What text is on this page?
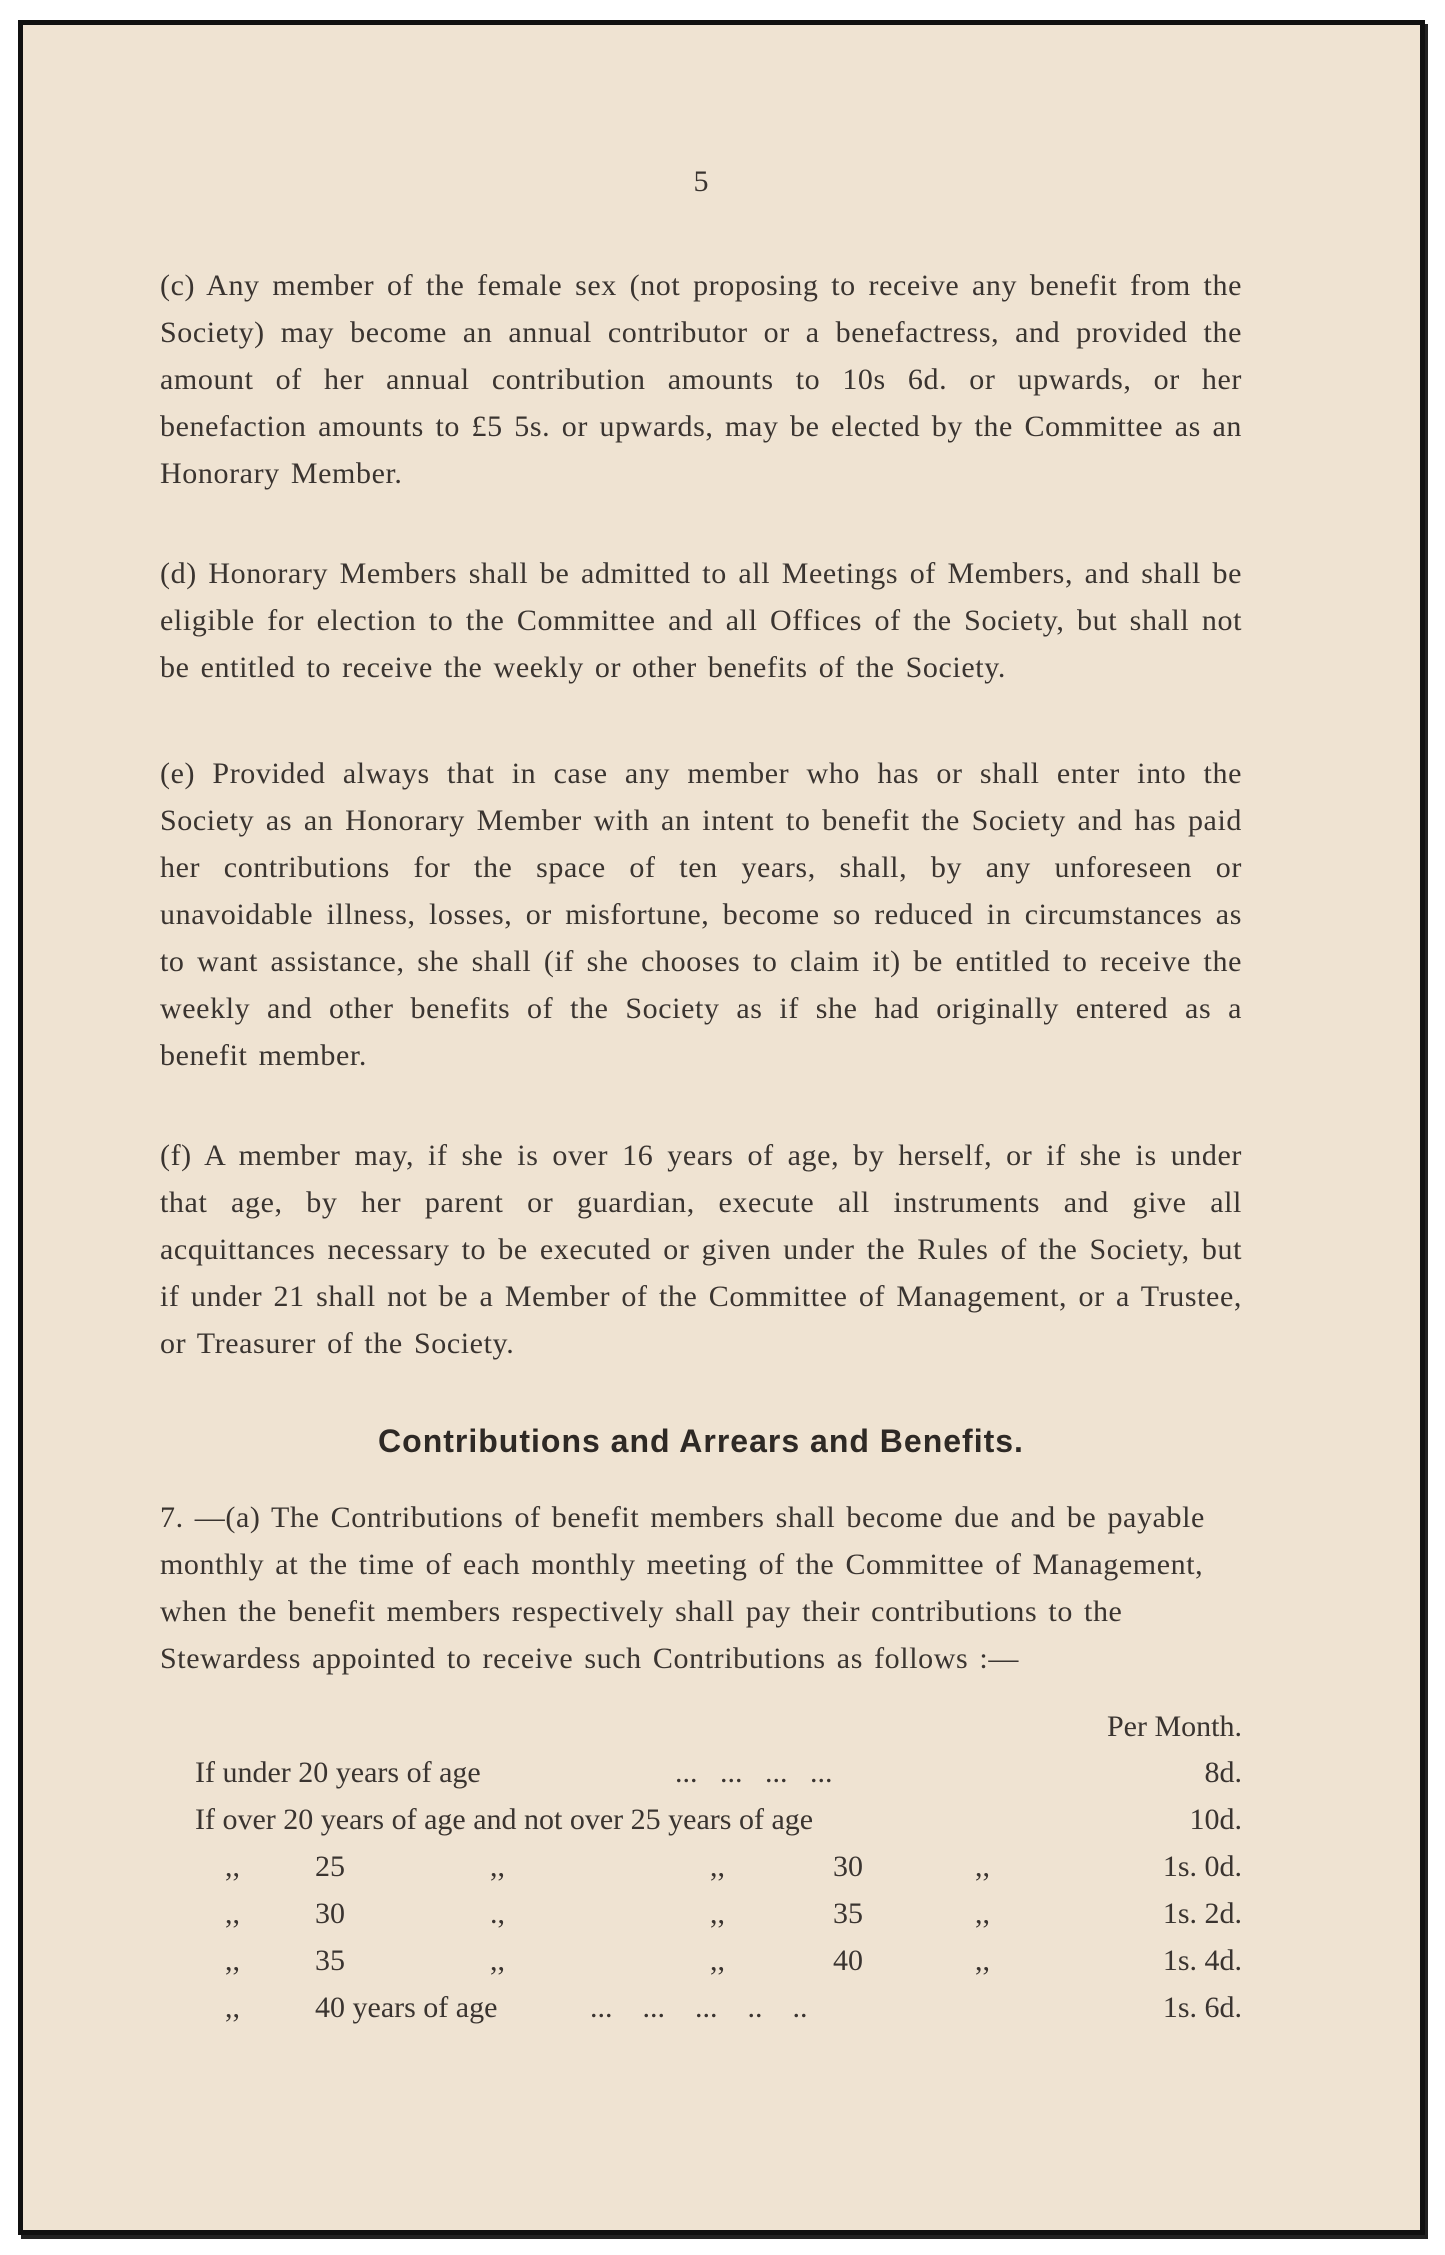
5
(c) Any member of the female sex (not proposing to receive any benefit from the Society) may become an annual contributor or a benefactress, and provided the amount of her annual contribution amounts to 10s 6d. or upwards, or her benefaction amounts to £5 5s. or upwards, may be elected by the Committee as an Honorary Member.
(d) Honorary Members shall be admitted to all Meetings of Members, and shall be eligible for election to the Committee and all Offices of the Society, but shall not be entitled to receive the weekly or other benefits of the Society.
(e) Provided always that in case any member who has or shall enter into the Society as an Honorary Member with an intent to benefit the Society and has paid her contributions for the space of ten years, shall, by any unforeseen or unavoidable illness, losses, or misfortune, become so reduced in circumstances as to want assistance, she shall (if she chooses to claim it) be entitled to receive the weekly and other benefits of the Society as if she had originally entered as a benefit member.
(f) A member may, if she is over 16 years of age, by herself, or if she is under that age, by her parent or guardian, execute all instruments and give all acquittances necessary to be executed or given under the Rules of the Society, but if under 21 shall not be a Member of the Committee of Management, or a Trustee, or Treasurer of the Society.
Contributions and Arrears and Benefits.
7. —(a) The Contributions of benefit members shall become due and be payable monthly at the time of each monthly meeting of the Committee of Management, when the benefit members respectively shall pay their contributions to the Stewardess appointed to receive such Contributions as follows :—
Per Month.
If under 20 years of age	...   ...   ...   ...	8d.
If over 20 years of age and not over 25 years of age	10d.
,,	25	,,	,,	30	,,	1s. 0d.
,,	30	.,	,,	35	,,	1s. 2d.
,,	35	,,	,,	40	,,	1s. 4d.
,,	40 years of age	...    ...    ...    ..    ..	1s. 6d.
